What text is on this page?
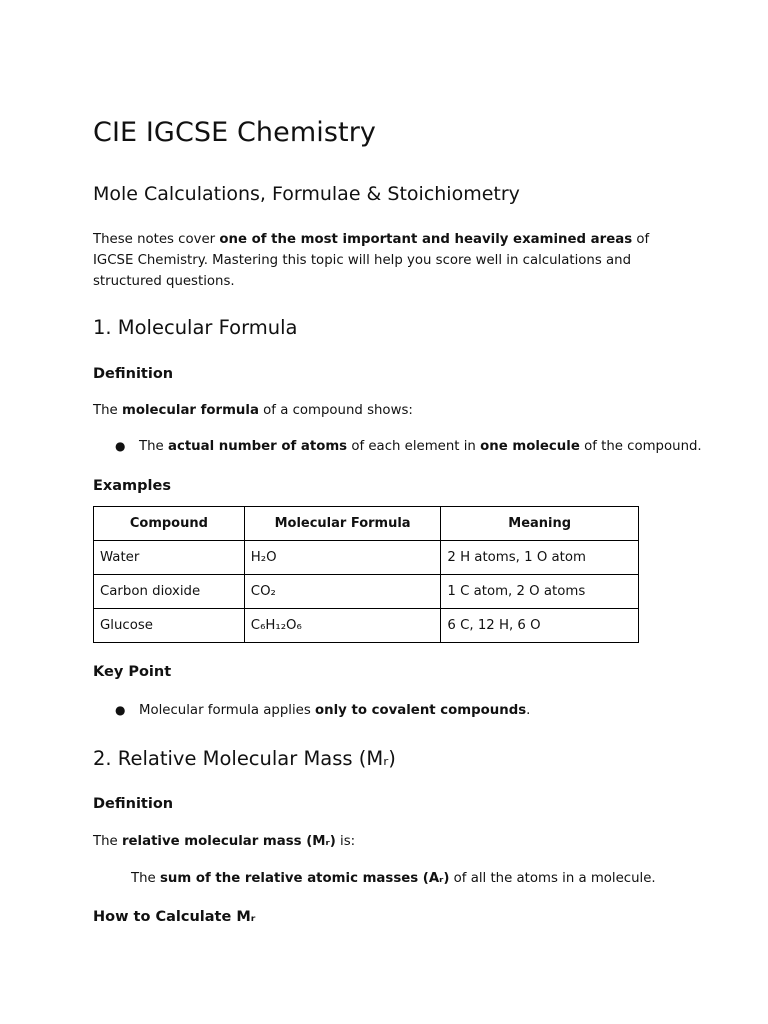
CIE IGCSE Chemistry
Mole Calculations, Formulae & Stoichiometry

These notes cover one of the most important and heavily examined areas of IGCSE Chemistry. Mastering this topic will help you score well in calculations and structured questions.

1. Molecular Formula
Definition

The molecular formula of a compound shows:

● The actual number of atoms of each element in one molecule of the compound.
Examples
Compound	Molecular Formula	Meaning
Water	H₂O	2 H atoms, 1 O atom
Carbon dioxide	CO₂	1 C atom, 2 O atoms
Glucose	C₆H₁₂O₆	6 C, 12 H, 6 O
Key Point
● Molecular formula applies only to covalent compounds.
2. Relative Molecular Mass (Mᵣ)
Definition

The relative molecular mass (Mᵣ) is:

The sum of the relative atomic masses (Aᵣ) of all the atoms in a molecule.

How to Calculate Mᵣ
